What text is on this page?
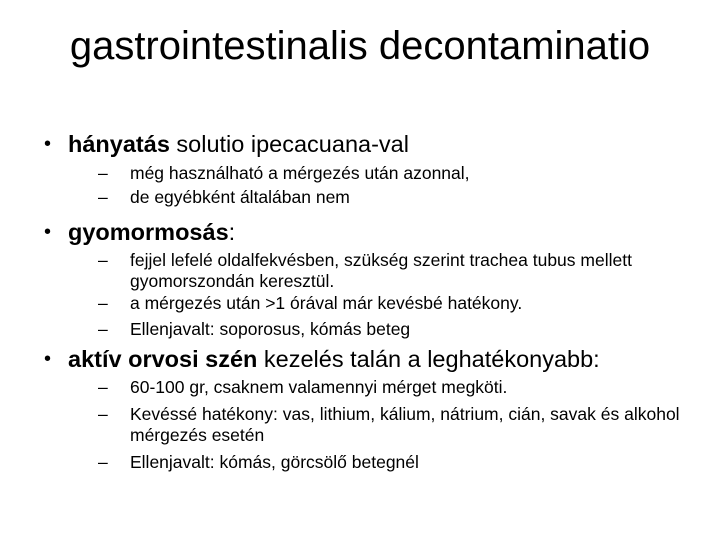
gastrointestinalis decontaminatio
• hányatás solutio ipecacuana-val
– még használható a mérgezés után azonnal,
– de egyébként általában nem
• gyomormosás:
– fejjel lefelé oldalfekvésben, szükség szerint trachea tubus mellett gyomorszondán keresztül.
– a mérgezés után >1 órával már kevésbé hatékony.
– Ellenjavalt: soporosus, kómás beteg
• aktív orvosi szén kezelés talán a leghatékonyabb:
– 60-100 gr, csaknem valamennyi mérget megköti.
– Kevéssé hatékony: vas, lithium, kálium, nátrium, cián, savak és alkohol mérgezés esetén
– Ellenjavalt: kómás, görcsölő betegnél
